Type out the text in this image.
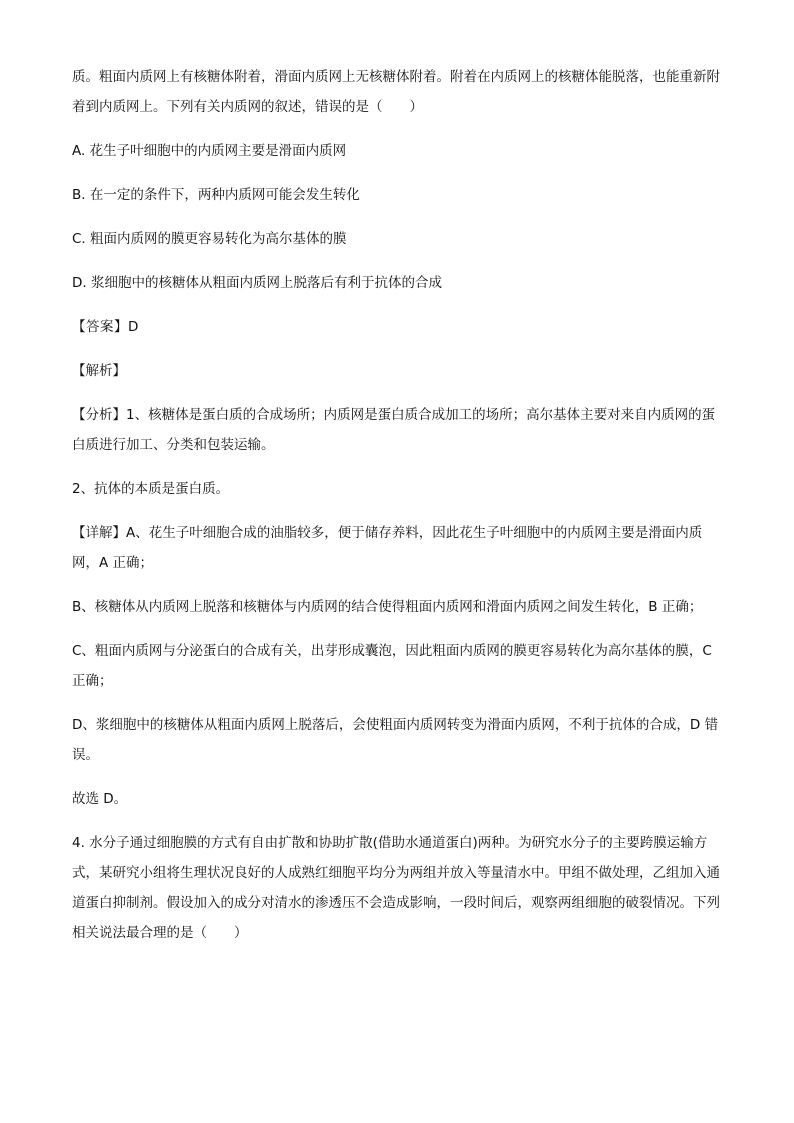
质。粗面内质网上有核糖体附着，滑面内质网上无核糖体附着。附着在内质网上的核糖体能脱落，也能重新附着到内质网上。下列有关内质网的叙述，错误的是（　　）

A. 花生子叶细胞中的内质网主要是滑面内质网

B. 在一定的条件下，两种内质网可能会发生转化

C. 粗面内质网的膜更容易转化为高尔基体的膜

D. 浆细胞中的核糖体从粗面内质网上脱落后有利于抗体的合成

【答案】D

【解析】

【分析】1、核糖体是蛋白质的合成场所；内质网是蛋白质合成加工的场所；高尔基体主要对来自内质网的蛋白质进行加工、分类和包装运输。

2、抗体的本质是蛋白质。

【详解】A、花生子叶细胞合成的油脂较多，便于储存养料，因此花生子叶细胞中的内质网主要是滑面内质网，A 正确；

B、核糖体从内质网上脱落和核糖体与内质网的结合使得粗面内质网和滑面内质网之间发生转化，B 正确；

C、粗面内质网与分泌蛋白的合成有关，出芽形成囊泡，因此粗面内质网的膜更容易转化为高尔基体的膜，C 正确；

D、浆细胞中的核糖体从粗面内质网上脱落后，会使粗面内质网转变为滑面内质网，不利于抗体的合成，D 错误。

故选 D。

4. 水分子通过细胞膜的方式有自由扩散和协助扩散(借助水通道蛋白)两种。为研究水分子的主要跨膜运输方式，某研究小组将生理状况良好的人成熟红细胞平均分为两组并放入等量清水中。甲组不做处理，乙组加入通道蛋白抑制剂。假设加入的成分对清水的渗透压不会造成影响，一段时间后，观察两组细胞的破裂情况。下列相关说法最合理的是（　　）
